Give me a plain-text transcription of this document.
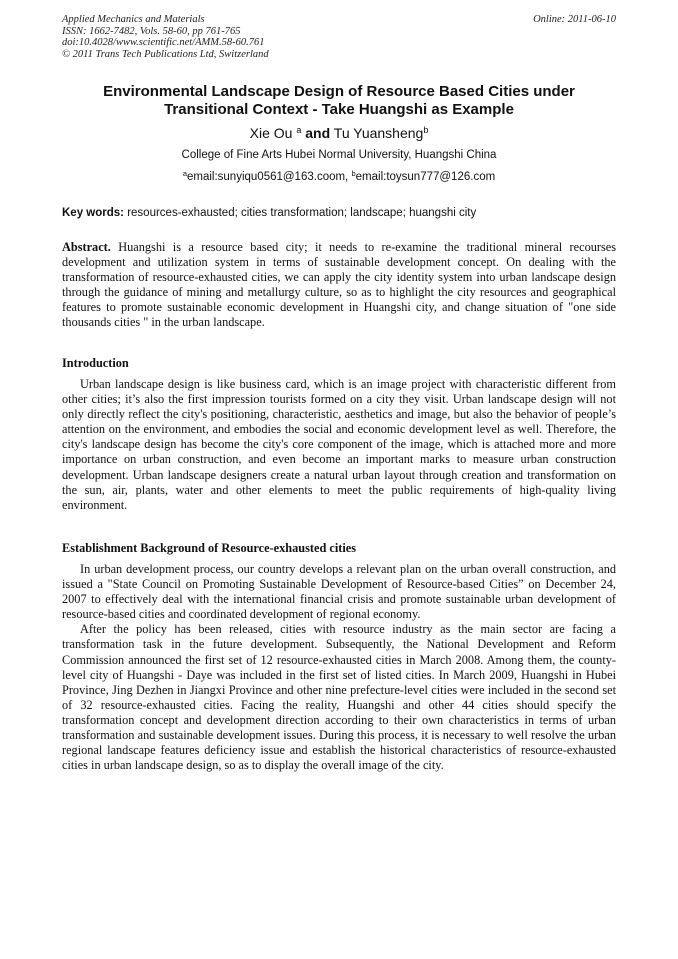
Applied Mechanics and Materials
ISSN: 1662-7482, Vols. 58-60, pp 761-765
doi:10.4028/www.scientific.net/AMM.58-60.761
© 2011 Trans Tech Publications Ltd, Switzerland
Online: 2011-06-10
Environmental Landscape Design of Resource Based Cities under
Transitional Context - Take Huangshi as Example
Xie Ou $^a$ and Tu Yuansheng$^b$
College of Fine Arts Hubei Normal University, Huangshi China
$^a$email:sunyiqu0561@163.coom, $^b$email:toysun777@126.com
Key words: resources-exhausted; cities transformation; landscape; huangshi city

Abstract. Huangshi is a resource based city; it needs to re-examine the traditional mineral recourses development and utilization system in terms of sustainable development concept. On dealing with the transformation of resource-exhausted cities, we can apply the city identity system into urban landscape design through the guidance of mining and metallurgy culture, so as to highlight the city resources and geographical features to promote sustainable economic development in Huangshi city, and change situation of "one side thousands cities " in the urban landscape.

Introduction

Urban landscape design is like business card, which is an image project with characteristic different from other cities; it’s also the first impression tourists formed on a city they visit. Urban landscape design will not only directly reflect the city's positioning, characteristic, aesthetics and image, but also the behavior of people’s attention on the environment, and embodies the social and economic development level as well. Therefore, the city's landscape design has become the city's core component of the image, which is attached more and more importance on urban construction, and even become an important marks to measure urban construction development. Urban landscape designers create a natural urban layout through creation and transformation on the sun, air, plants, water and other elements to meet the public requirements of high-quality living environment.

Establishment Background of Resource-exhausted cities

In urban development process, our country develops a relevant plan on the urban overall construction, and issued a "State Council on Promoting Sustainable Development of Resource-based Cities” on December 24, 2007 to effectively deal with the international financial crisis and promote sustainable urban development of resource-based cities and coordinated development of regional economy.

After the policy has been released, cities with resource industry as the main sector are facing a transformation task in the future development. Subsequently, the National Development and Reform Commission announced the first set of 12 resource-exhausted cities in March 2008. Among them, the county-level city of Huangshi - Daye was included in the first set of listed cities. In March 2009, Huangshi in Hubei Province, Jing Dezhen in Jiangxi Province and other nine prefecture-level cities were included in the second set of 32 resource-exhausted cities. Facing the reality, Huangshi and other 44 cities should specify the transformation concept and development direction according to their own characteristics in terms of urban transformation and sustainable development issues. During this process, it is necessary to well resolve the urban regional landscape features deficiency issue and establish the historical characteristics of resource-exhausted cities in urban landscape design, so as to display the overall image of the city.
